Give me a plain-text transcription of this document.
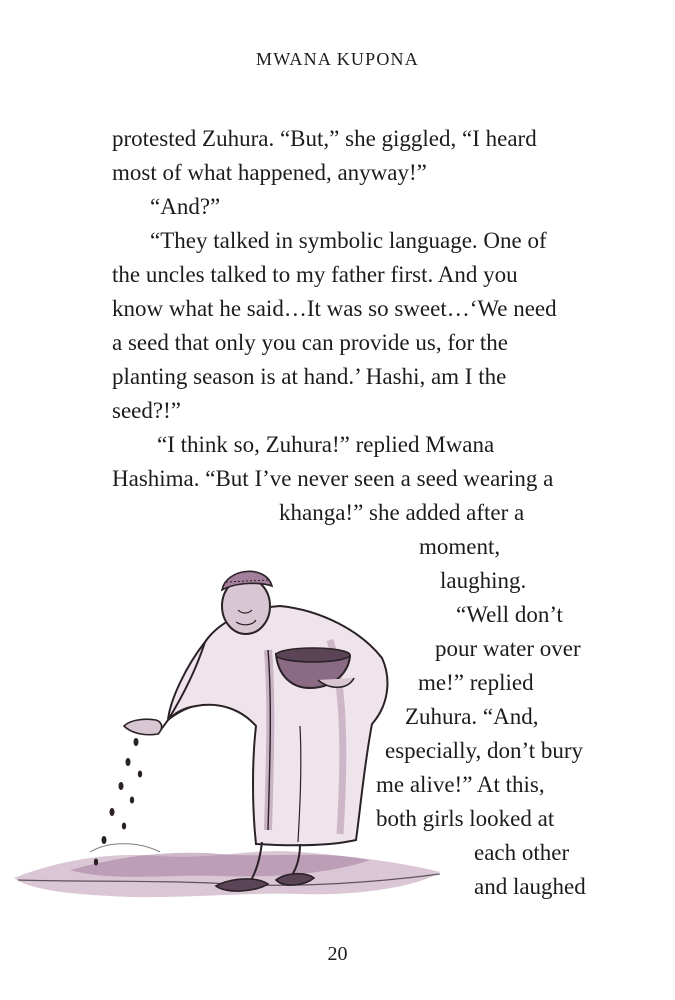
MWANA KUPONA
protested Zuhura. “But,” she giggled, “I heard
most of what happened, anyway!”
“And?”
“They talked in symbolic language. One of
the uncles talked to my father first. And you
know what he said…It was so sweet…‘We need
a seed that only you can provide us, for the
planting season is at hand.’ Hashi, am I the
seed?!”
“I think so, Zuhura!” replied Mwana
Hashima. “But I’ve never seen a seed wearing a
khanga!” she added after a
moment,
laughing.
“Well don’t
pour water over
me!” replied
Zuhura. “And,
especially, don’t bury
me alive!” At this,
both girls looked at
each other
and laughed
20
